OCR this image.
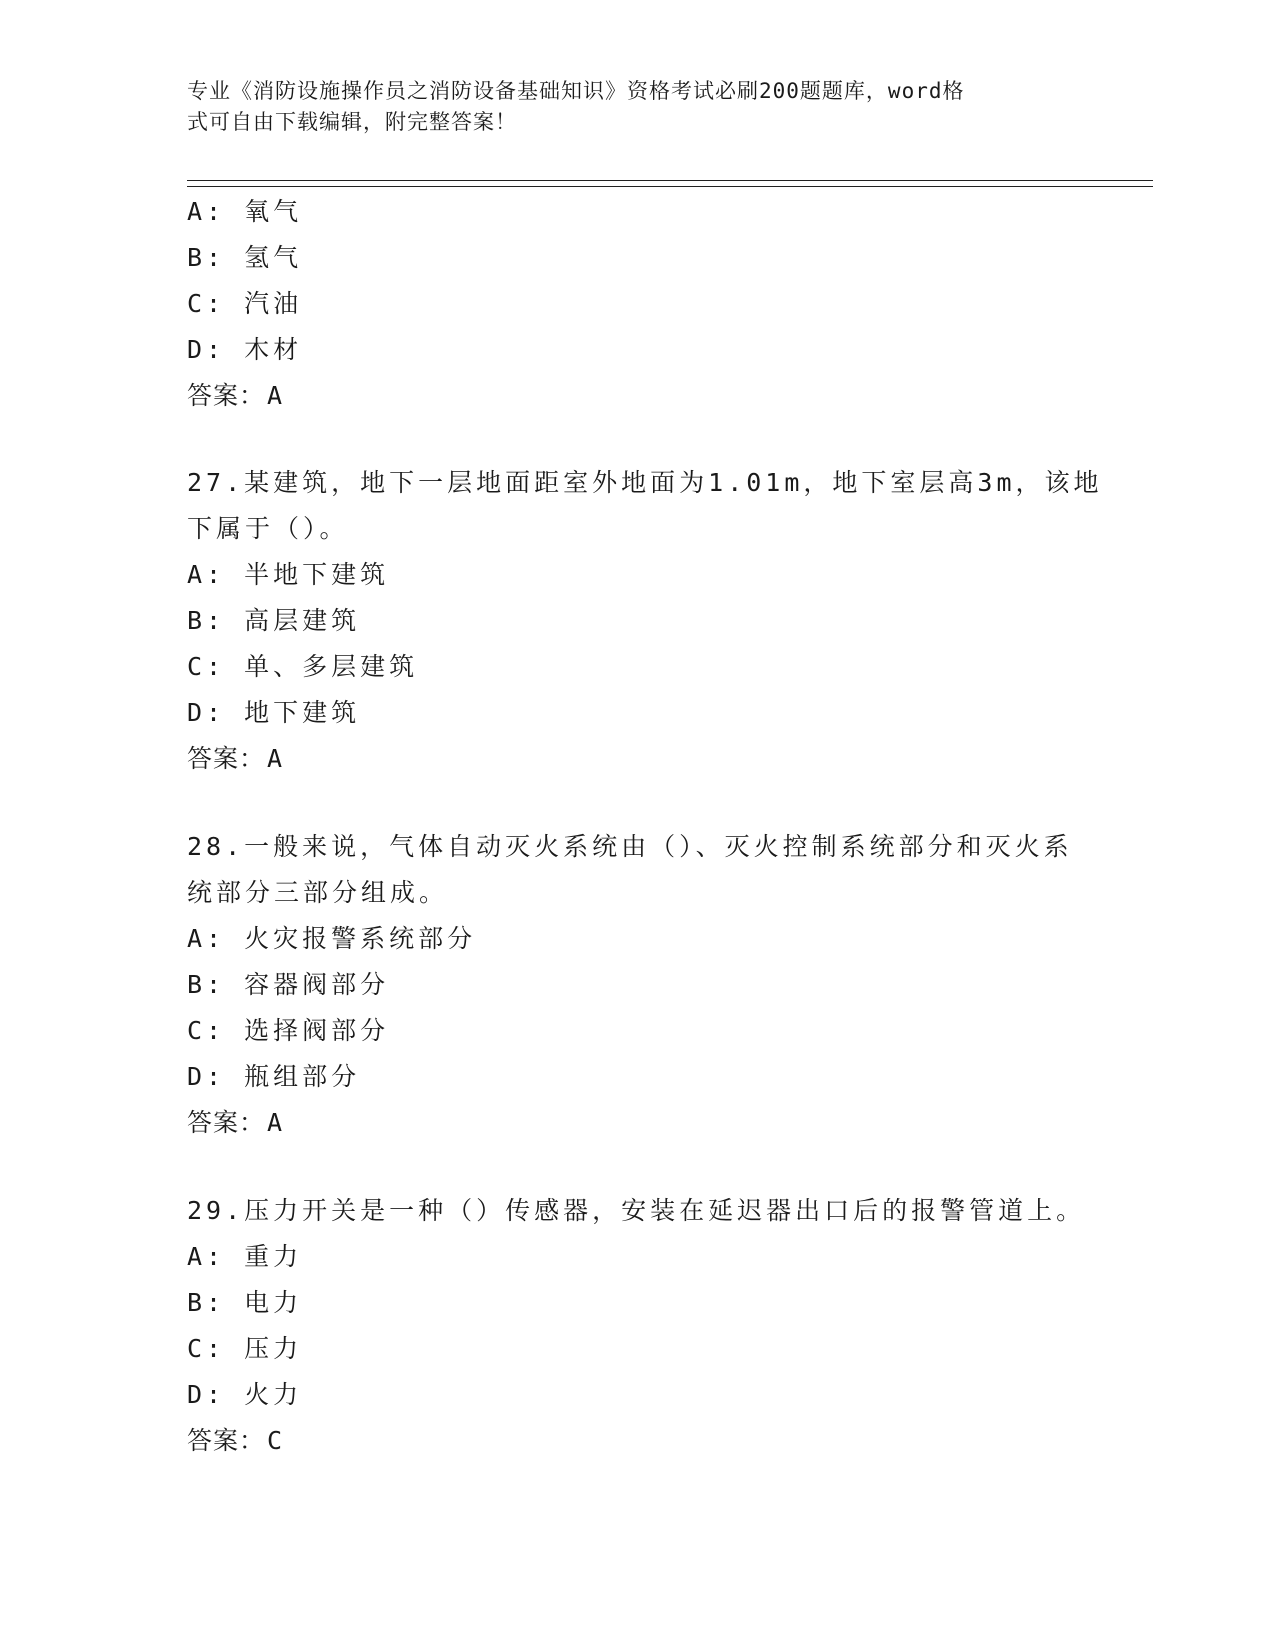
专业《消防设施操作员之消防设备基础知识》资格考试必刷200题题库，word格
式可自由下载编辑，附完整答案！
A: 氧气
B: 氢气
C: 汽油
D: 木材
答案：A
27.某建筑，地下一层地面距室外地面为1.01m，地下室层高3m，该地
下属于（）。
A: 半地下建筑
B: 高层建筑
C: 单、多层建筑
D: 地下建筑
答案：A
28.一般来说，气体自动灭火系统由（）、灭火控制系统部分和灭火系
统部分三部分组成。
A: 火灾报警系统部分
B: 容器阀部分
C: 选择阀部分
D: 瓶组部分
答案：A
29.压力开关是一种（）传感器，安装在延迟器出口后的报警管道上。
A: 重力
B: 电力
C: 压力
D: 火力
答案：C
